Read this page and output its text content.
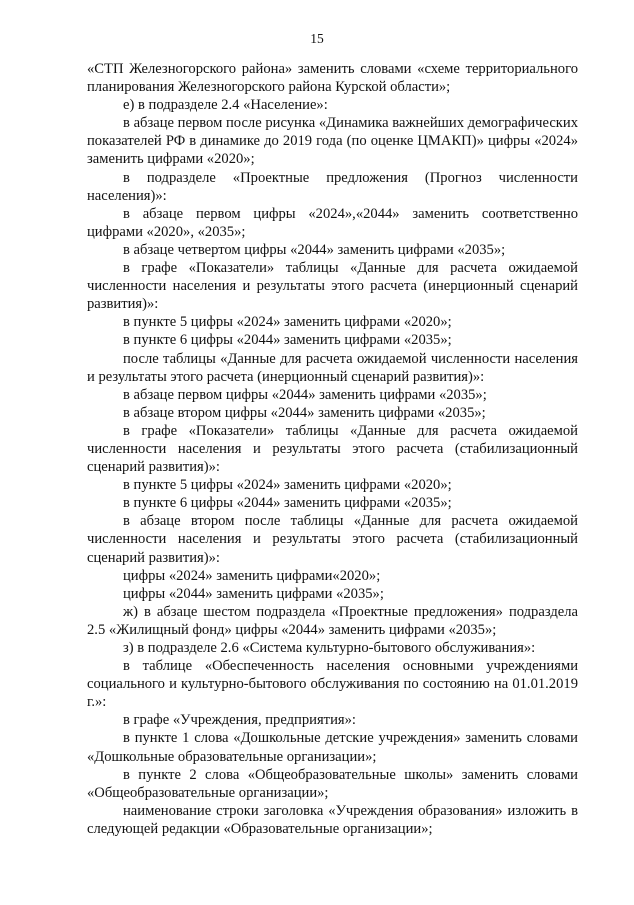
15

«СТП Железногорского района» заменить словами «схеме территориального планирования Железногорского района Курской области»;

е) в подразделе 2.4 «Население»:

в абзаце первом после рисунка «Динамика важнейших демографических показателей РФ в динамике до 2019 года (по оценке ЦМАКП)» цифры «2024» заменить цифрами «2020»;

в подразделе «Проектные предложения (Прогноз численности населения)»:

в абзаце первом цифры «2024»,«2044» заменить соответственно цифрами «2020», «2035»;

в абзаце четвертом цифры «2044» заменить цифрами «2035»;

в графе «Показатели» таблицы «Данные для расчета ожидаемой численности населения и результаты этого расчета (инерционный сценарий развития)»:

в пункте 5 цифры «2024» заменить цифрами «2020»;

в пункте 6 цифры «2044» заменить цифрами «2035»;

после таблицы «Данные для расчета ожидаемой численности населения и результаты этого расчета (инерционный сценарий развития)»:

в абзаце первом цифры «2044» заменить цифрами «2035»;

в абзаце втором цифры «2044» заменить цифрами «2035»;

в графе «Показатели» таблицы «Данные для расчета ожидаемой численности населения и результаты этого расчета (стабилизационный сценарий развития)»:

в пункте 5 цифры «2024» заменить цифрами «2020»;

в пункте 6 цифры «2044» заменить цифрами «2035»;

в абзаце втором после таблицы «Данные для расчета ожидаемой численности населения и результаты этого расчета (стабилизационный сценарий развития)»:

цифры «2024» заменить цифрами«2020»;

цифры «2044» заменить цифрами «2035»;

ж) в абзаце шестом подраздела «Проектные предложения» подраздела 2.5 «Жилищный фонд» цифры «2044» заменить цифрами «2035»;

з) в подразделе 2.6 «Система культурно-бытового обслуживания»:

в таблице «Обеспеченность населения основными учреждениями социального и культурно-бытового обслуживания по состоянию на 01.01.2019 г.»:

в графе «Учреждения, предприятия»:

в пункте 1 слова «Дошкольные детские учреждения» заменить словами «Дошкольные образовательные организации»;

в пункте 2 слова «Общеобразовательные школы» заменить словами «Общеобразовательные организации»;

наименование строки заголовка «Учреждения образования» изложить в следующей редакции «Образовательные организации»;
